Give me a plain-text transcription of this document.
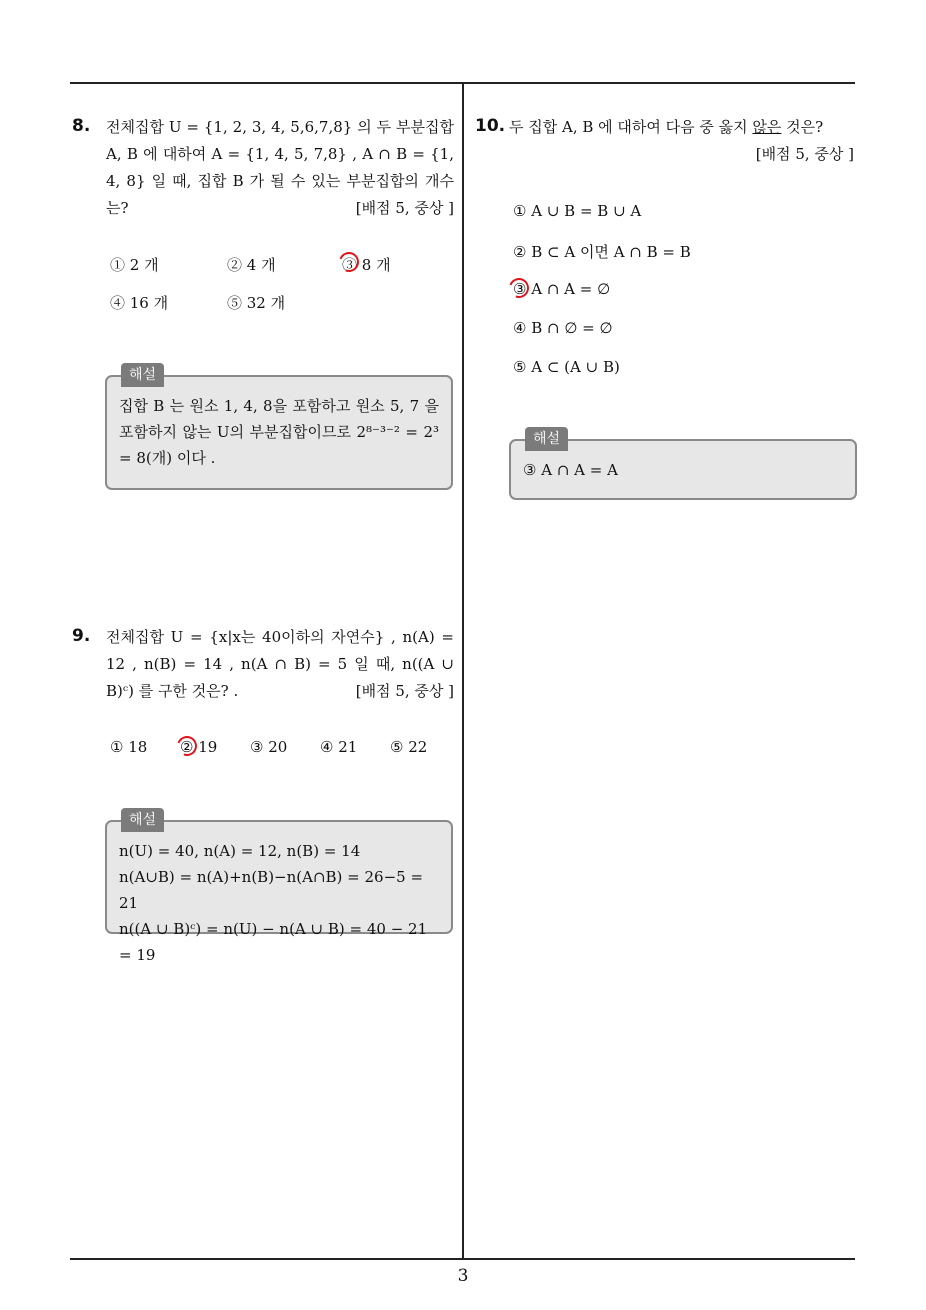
8. 전체집합 U = {1, 2, 3, 4, 5,6,7,8} 의 두 부분집합 A, B 에 대하여 A = {1, 4, 5, 7,8} , A ∩ B = {1, 4, 8} 일 때, 집합 B 가 될 수 있는 부분집합의 개수는?	[배점 5, 중상 ]
① 2 개	② 4 개	③ 8 개
④ 16 개	⑤ 32 개
해설
집합 B 는 원소 1, 4, 8을 포함하고 원소 5, 7 을 포함하지 않는 U의 부분집합이므로 2⁸⁻³⁻² = 2³ = 8(개) 이다 .
9. 전체집합 U = {x|x는 40이하의 자연수} , n(A) = 12 , n(B) = 14 , n(A ∩ B) = 5 일 때, n((A ∪ B)ᶜ) 를 구한 것은? .	[배점 5, 중상 ]
① 18 ② 19 ③ 20 ④ 21 ⑤ 22
해설
n(U) = 40, n(A) = 12, n(B) = 14
n(A∪B) = n(A)+n(B)−n(A∩B) = 26−5 = 21
n((A ∪ B)ᶜ) = n(U) − n(A ∪ B) = 40 − 21 = 19
10. 두 집합 A, B 에 대하여 다음 중 옳지 않은 것은?
[배점 5, 중상 ]
① A ∪ B = B ∪ A
② B ⊂ A 이면 A ∩ B = B
③ A ∩ A = ∅
④ B ∩ ∅ = ∅
⑤ A ⊂ (A ∪ B)
해설
③ A ∩ A = A
3
